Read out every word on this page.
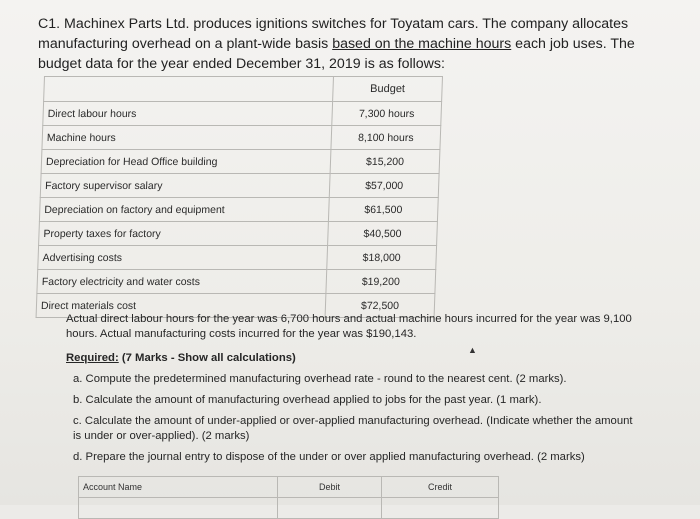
C1. Machinex Parts Ltd. produces ignitions switches for Toyatam cars. The company allocates manufacturing overhead on a plant-wide basis based on the machine hours each job uses. The budget data for the year ended December 31, 2019 is as follows:
	Budget
Direct labour hours	7,300 hours
Machine hours	8,100 hours
Depreciation for Head Office building	$15,200
Factory supervisor salary	$57,000
Depreciation on factory and equipment	$61,500
Property taxes for factory	$40,500
Advertising costs	$18,000
Factory electricity and water costs	$19,200
Direct materials cost	$72,500

Actual direct labour hours for the year was 6,700 hours and actual machine hours incurred for the year was 9,100 hours. Actual manufacturing costs incurred for the year was $190,143.

Required: (7 Marks - Show all calculations)

a. Compute the predetermined manufacturing overhead rate - round to the nearest cent. (2 marks).

b. Calculate the amount of manufacturing overhead applied to jobs for the past year. (1 mark).

c. Calculate the amount of under-applied or over-applied manufacturing overhead. (Indicate whether the amount is under or over-applied). (2 marks)

d. Prepare the journal entry to dispose of the under or over applied manufacturing overhead. (2 marks)

▲
Account Name	Debit	Credit
